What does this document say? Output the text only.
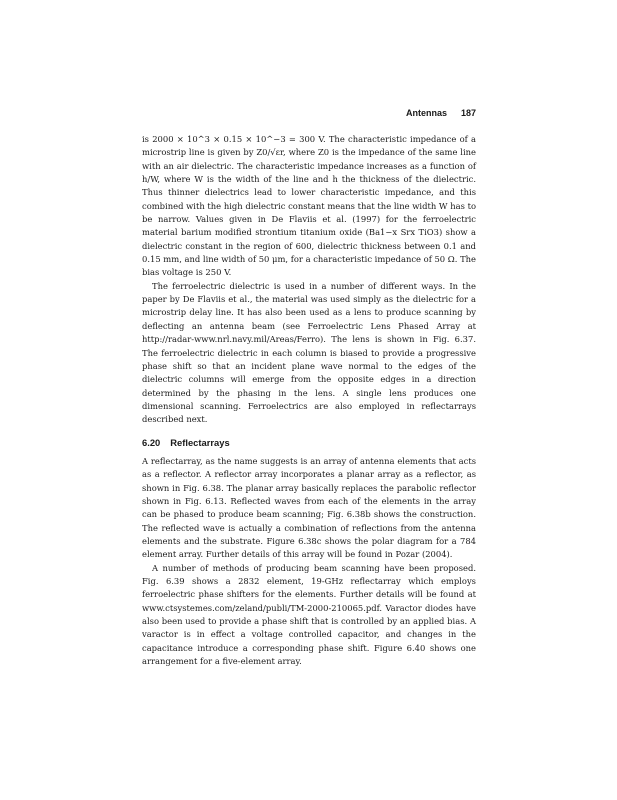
Antennas 187

is 2000 × 10^3 × 0.15 × 10^−3 = 300 V. The characteristic impedance of a microstrip line is given by Z0/√εr, where Z0 is the impedance of the same line with an air dielectric. The characteristic impedance increases as a function of h/W, where W is the width of the line and h the thickness of the dielectric. Thus thinner dielectrics lead to lower characteristic impedance, and this combined with the high dielectric constant means that the line width W has to be narrow. Values given in De Flaviis et al. (1997) for the ferroelectric material barium modified strontium titanium oxide (Ba1−x Srx TiO3) show a dielectric constant in the region of 600, dielectric thickness between 0.1 and 0.15 mm, and line width of 50 μm, for a characteristic impedance of 50 Ω. The bias voltage is 250 V.

The ferroelectric dielectric is used in a number of different ways. In the paper by De Flaviis et al., the material was used simply as the dielectric for a microstrip delay line. It has also been used as a lens to produce scanning by deflecting an antenna beam (see Ferroelectric Lens Phased Array at http://radar-www.nrl.navy.mil/Areas/Ferro). The lens is shown in Fig. 6.37. The ferroelectric dielectric in each column is biased to provide a progressive phase shift so that an incident plane wave normal to the edges of the dielectric columns will emerge from the opposite edges in a direction determined by the phasing in the lens. A single lens produces one dimensional scanning. Ferroelectrics are also employed in reflectarrays described next.

6.20 Reflectarrays

A reflectarray, as the name suggests is an array of antenna elements that acts as a reflector. A reflector array incorporates a planar array as a reflector, as shown in Fig. 6.38. The planar array basically replaces the parabolic reflector shown in Fig. 6.13. Reflected waves from each of the elements in the array can be phased to produce beam scanning; Fig. 6.38b shows the construction. The reflected wave is actually a combination of reflections from the antenna elements and the substrate. Figure 6.38c shows the polar diagram for a 784 element array. Further details of this array will be found in Pozar (2004).

A number of methods of producing beam scanning have been proposed. Fig. 6.39 shows a 2832 element, 19-GHz reflectarray which employs ferroelectric phase shifters for the elements. Further details will be found at www.ctsystemes.com/zeland/publi/TM-2000-210065.pdf. Varactor diodes have also been used to provide a phase shift that is controlled by an applied bias. A varactor is in effect a voltage controlled capacitor, and changes in the capacitance introduce a corresponding phase shift. Figure 6.40 shows one arrangement for a five-element array.
